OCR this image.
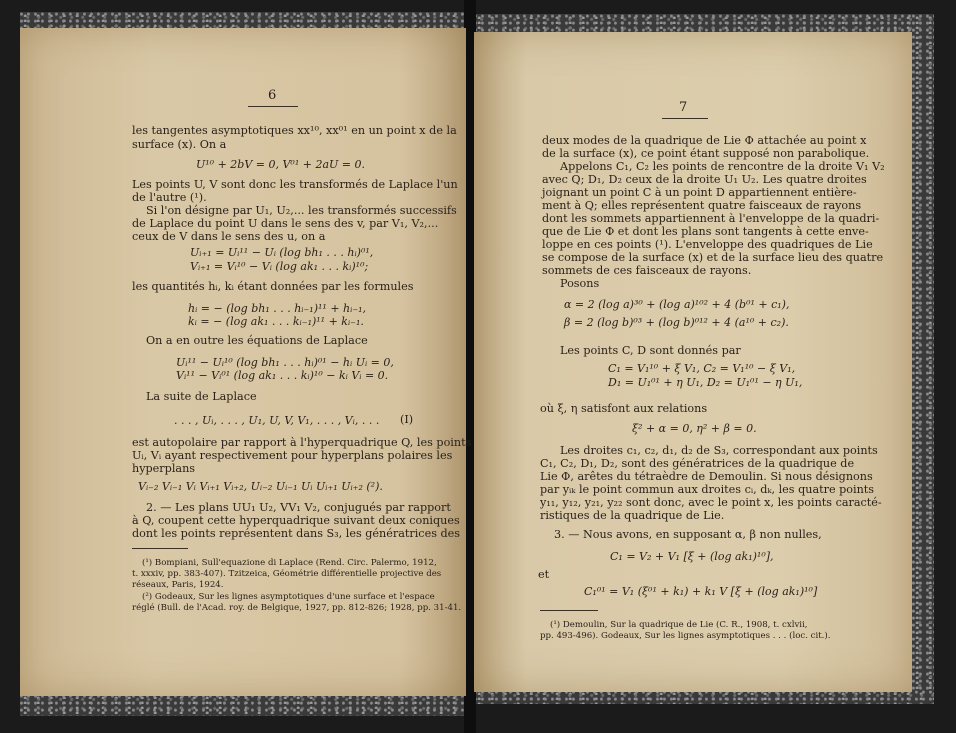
6
les tangentes asymptotiques xx¹⁰, xx⁰¹ en un point x de la
surface (x). On a
U¹⁰ + 2bV = 0, V⁰¹ + 2aU = 0.
Les points U, V sont donc les transformés de Laplace l'un
de l'autre (¹).
Si l'on désigne par U₁, U₂,... les transformés successifs
de Laplace du point U dans le sens des v, par V₁, V₂,...
ceux de V dans le sens des u, on a
Uᵢ₊₁ = Uᵢ¹¹ − Uᵢ (log bh₁ . . . hᵢ)⁰¹,
Vᵢ₊₁ = Vᵢ¹⁰ − Vᵢ (log ak₁ . . . kᵢ)¹⁰;
les quantités hᵢ, kᵢ étant données par les formules
hᵢ = − (log bh₁ . . . hᵢ₋₁)¹¹ + hᵢ₋₁,
kᵢ = − (log ak₁ . . . kᵢ₋₁)¹¹ + kᵢ₋₁.
On a en outre les équations de Laplace
Uᵢ¹¹ − Uᵢ¹⁰ (log bh₁ . . . hᵢ)⁰¹ − hᵢ Uᵢ = 0,
Vᵢ¹¹ − Vᵢ⁰¹ (log ak₁ . . . kᵢ)¹⁰ − kᵢ Vᵢ = 0.
La suite de Laplace
. . . , Uᵢ, . . . , U₁, U, V, V₁, . . . , Vᵢ, . . . (I)
est autopolaire par rapport à l'hyperquadrique Q, les points
Uᵢ, Vᵢ ayant respectivement pour hyperplans polaires les
hyperplans
Vᵢ₋₂ Vᵢ₋₁ Vᵢ Vᵢ₊₁ Vᵢ₊₂, Uᵢ₋₂ Uᵢ₋₁ Uᵢ Uᵢ₊₁ Uᵢ₊₂ (²).
2. — Les plans UU₁ U₂, VV₁ V₂, conjugués par rapport
à Q, coupent cette hyperquadrique suivant deux coniques
dont les points représentent dans S₃, les génératrices des
(¹) Bompiani, Sull'equazione di Laplace (Rend. Circ. Palermo, 1912,
t. xxxiv, pp. 383-407). Tzitzeica, Géométrie différentielle projective des
réseaux, Paris, 1924.
(²) Godeaux, Sur les lignes asymptotiques d'une surface et l'espace
réglé (Bull. de l'Acad. roy. de Belgique, 1927, pp. 812-826; 1928, pp. 31-41.
7
deux modes de la quadrique de Lie Φ attachée au point x
de la surface (x), ce point étant supposé non parabolique.
Appelons C₁, C₂ les points de rencontre de la droite V₁ V₂
avec Q; D₁, D₂ ceux de la droite U₁ U₂. Les quatre droites
joignant un point C à un point D appartiennent entière-
ment à Q; elles représentent quatre faisceaux de rayons
dont les sommets appartiennent à l'enveloppe de la quadri-
que de Lie Φ et dont les plans sont tangents à cette enve-
loppe en ces points (¹). L'enveloppe des quadriques de Lie
se compose de la surface (x) et de la surface lieu des quatre
sommets de ces faisceaux de rayons.
Posons
α = 2 (log a)³⁰ + (log a)¹⁰² + 4 (b⁰¹ + c₁),
β = 2 (log b)⁰³ + (log b)⁰¹² + 4 (a¹⁰ + c₂).
Les points C, D sont donnés par
C₁ = V₁¹⁰ + ξ V₁, C₂ = V₁¹⁰ − ξ V₁,
D₁ = U₁⁰¹ + η U₁, D₂ = U₁⁰¹ − η U₁,
où ξ, η satisfont aux relations
ξ² + α = 0, η² + β = 0.
Les droites c₁, c₂, d₁, d₂ de S₃, correspondant aux points
C₁, C₂, D₁, D₂, sont des génératrices de la quadrique de
Lie Φ, arêtes du tétraèdre de Demoulin. Si nous désignons
par yᵢₖ le point commun aux droites cᵢ, dₖ, les quatre points
y₁₁, y₁₂, y₂₁, y₂₂ sont donc, avec le point x, les points caracté-
ristiques de la quadrique de Lie.
3. — Nous avons, en supposant α, β non nulles,
C₁ = V₂ + V₁ [ξ + (log ak₁)¹⁰],
et
C₁⁰¹ = V₁ (ξ⁰¹ + k₁) + k₁ V [ξ + (log ak₁)¹⁰]
(¹) Demoulin, Sur la quadrique de Lie (C. R., 1908, t. cxlvii,
pp. 493-496). Godeaux, Sur les lignes asymptotiques . . . (loc. cit.).
